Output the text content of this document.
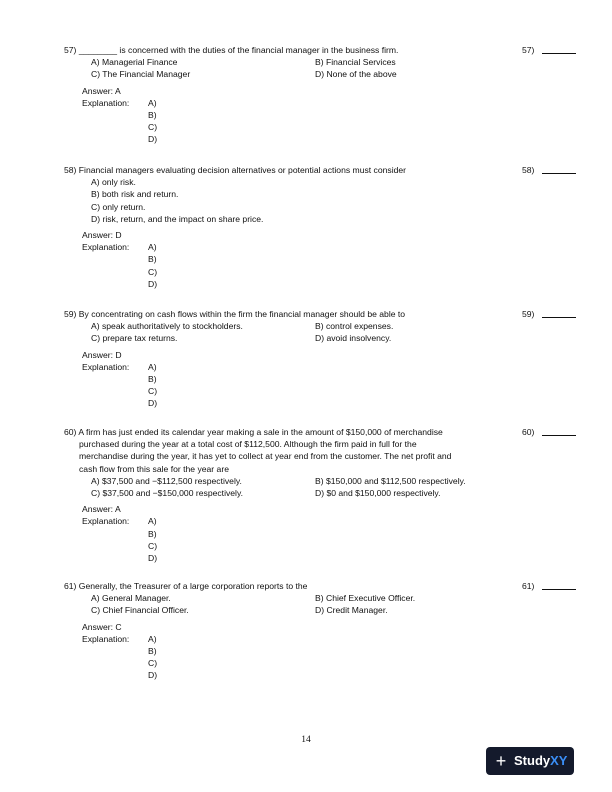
57) ________ is concerned with the duties of the financial manager in the business firm.	57)
A) Managerial Finance	B) Financial Services
C) The Financial Manager	D) None of the above
Answer: A
Explanation:	A)
B)
C)
D)
58) Financial managers evaluating decision alternatives or potential actions must consider	58)
A) only risk.
B) both risk and return.
C) only return.
D) risk, return, and the impact on share price.
Answer: D
Explanation:	A)
B)
C)
D)
59) By concentrating on cash flows within the firm the financial manager should be able to	59)
A) speak authoritatively to stockholders.	B) control expenses.
C) prepare tax returns.	D) avoid insolvency.
Answer: D
Explanation:	A)
B)
C)
D)
60) A firm has just ended its calendar year making a sale in the amount of $150,000 of merchandise
purchased during the year at a total cost of $112,500. Although the firm paid in full for the
merchandise during the year, it has yet to collect at year end from the customer. The net profit and
cash flow from this sale for the year are
60)
A) $37,500 and −$112,500 respectively.	B) $150,000 and $112,500 respectively.
C) $37,500 and −$150,000 respectively.	D) $0 and $150,000 respectively.
Answer: A
Explanation:	A)
B)
C)
D)
61) Generally, the Treasurer of a large corporation reports to the	61)
A) General Manager.	B) Chief Executive Officer.
C) Chief Financial Officer.	D) Credit Manager.
Answer: C
Explanation:	A)
B)
C)
D)
14
+ Study XY
